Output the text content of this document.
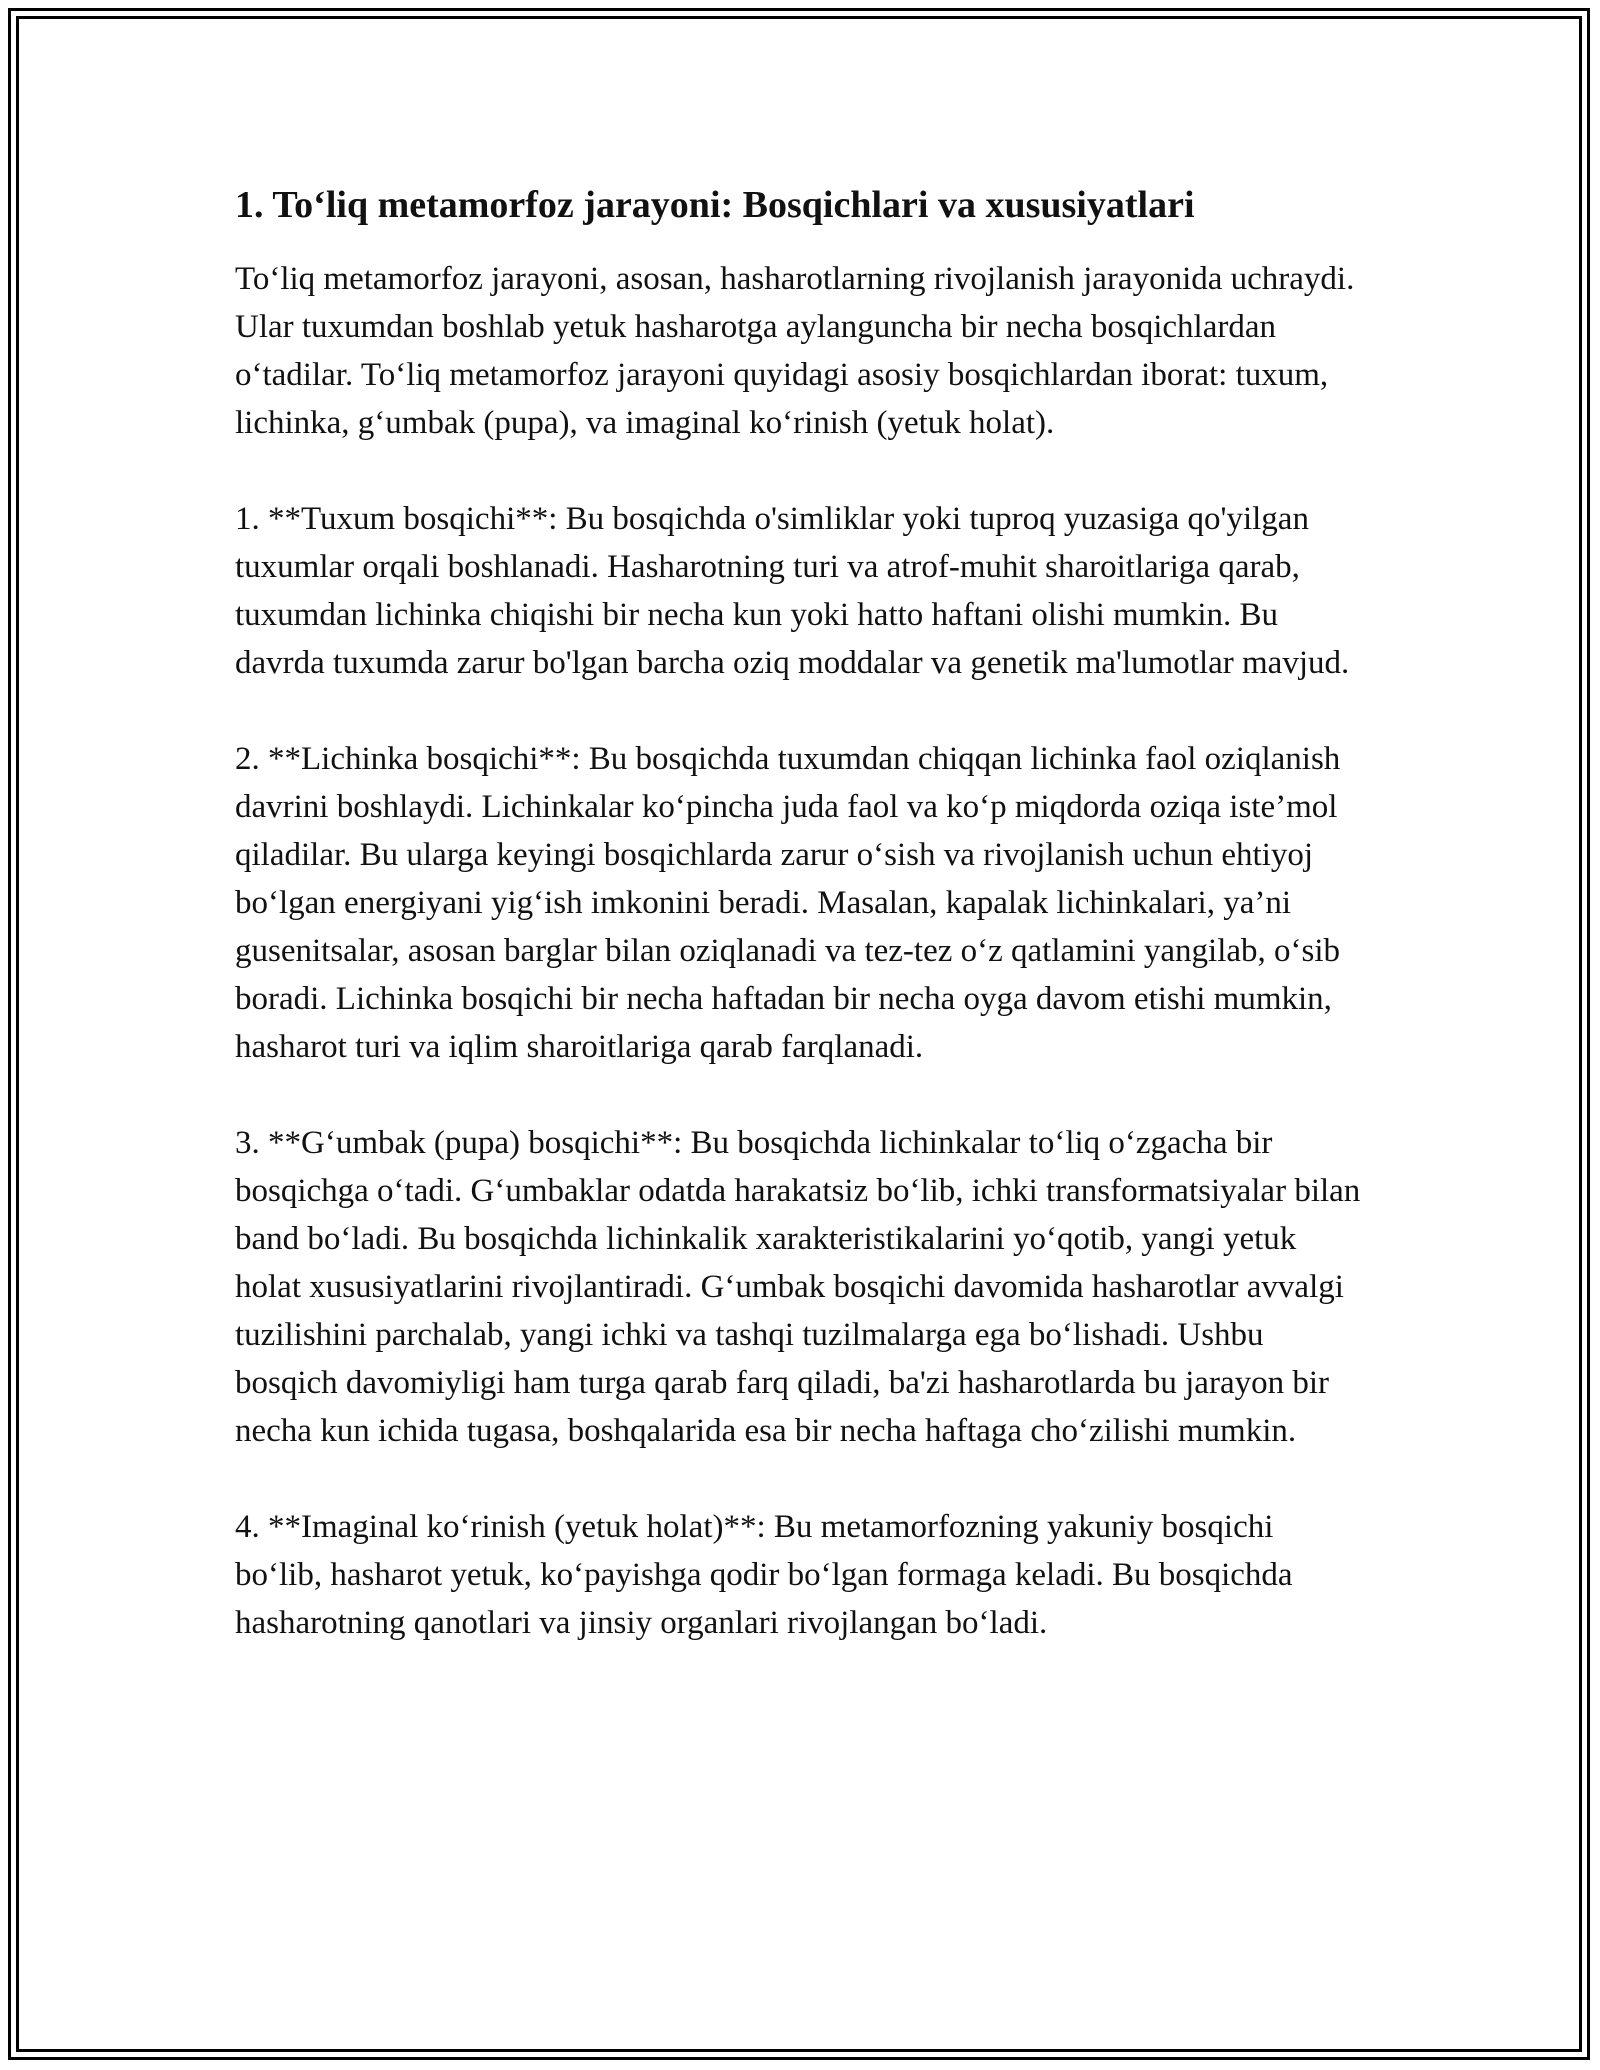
1. To‘liq metamorfoz jarayoni: Bosqichlari va xususiyatlari

To‘liq metamorfoz jarayoni, asosan, hasharotlarning rivojlanish jarayonida uchraydi. Ular tuxumdan boshlab yetuk hasharotga aylanguncha bir necha bosqichlardan o‘tadilar. To‘liq metamorfoz jarayoni quyidagi asosiy bosqichlardan iborat: tuxum, lichinka, g‘umbak (pupa), va imaginal ko‘rinish (yetuk holat).

1. **Tuxum bosqichi**: Bu bosqichda o'simliklar yoki tuproq yuzasiga qo'yilgan tuxumlar orqali boshlanadi. Hasharotning turi va atrof-muhit sharoitlariga qarab, tuxumdan lichinka chiqishi bir necha kun yoki hatto haftani olishi mumkin. Bu davrda tuxumda zarur bo'lgan barcha oziq moddalar va genetik ma'lumotlar mavjud.

2. **Lichinka bosqichi**: Bu bosqichda tuxumdan chiqqan lichinka faol oziqlanish davrini boshlaydi. Lichinkalar ko‘pincha juda faol va ko‘p miqdorda oziqa iste’mol qiladilar. Bu ularga keyingi bosqichlarda zarur o‘sish va rivojlanish uchun ehtiyoj bo‘lgan energiyani yig‘ish imkonini beradi. Masalan, kapalak lichinkalari, ya’ni gusenitsalar, asosan barglar bilan oziqlanadi va tez-tez o‘z qatlamini yangilab, o‘sib boradi. Lichinka bosqichi bir necha haftadan bir necha oyga davom etishi mumkin, hasharot turi va iqlim sharoitlariga qarab farqlanadi.

3. **G‘umbak (pupa) bosqichi**: Bu bosqichda lichinkalar to‘liq o‘zgacha bir bosqichga o‘tadi. G‘umbaklar odatda harakatsiz bo‘lib, ichki transformatsiyalar bilan band bo‘ladi. Bu bosqichda lichinkalik xarakteristikalarini yo‘qotib, yangi yetuk holat xususiyatlarini rivojlantiradi. G‘umbak bosqichi davomida hasharotlar avvalgi tuzilishini parchalab, yangi ichki va tashqi tuzilmalarga ega bo‘lishadi. Ushbu bosqich davomiyligi ham turga qarab farq qiladi, ba'zi hasharotlarda bu jarayon bir necha kun ichida tugasa, boshqalarida esa bir necha haftaga cho‘zilishi mumkin.

4. **Imaginal ko‘rinish (yetuk holat)**: Bu metamorfozning yakuniy bosqichi bo‘lib, hasharot yetuk, ko‘payishga qodir bo‘lgan formaga keladi. Bu bosqichda hasharotning qanotlari va jinsiy organlari rivojlangan bo‘ladi.
